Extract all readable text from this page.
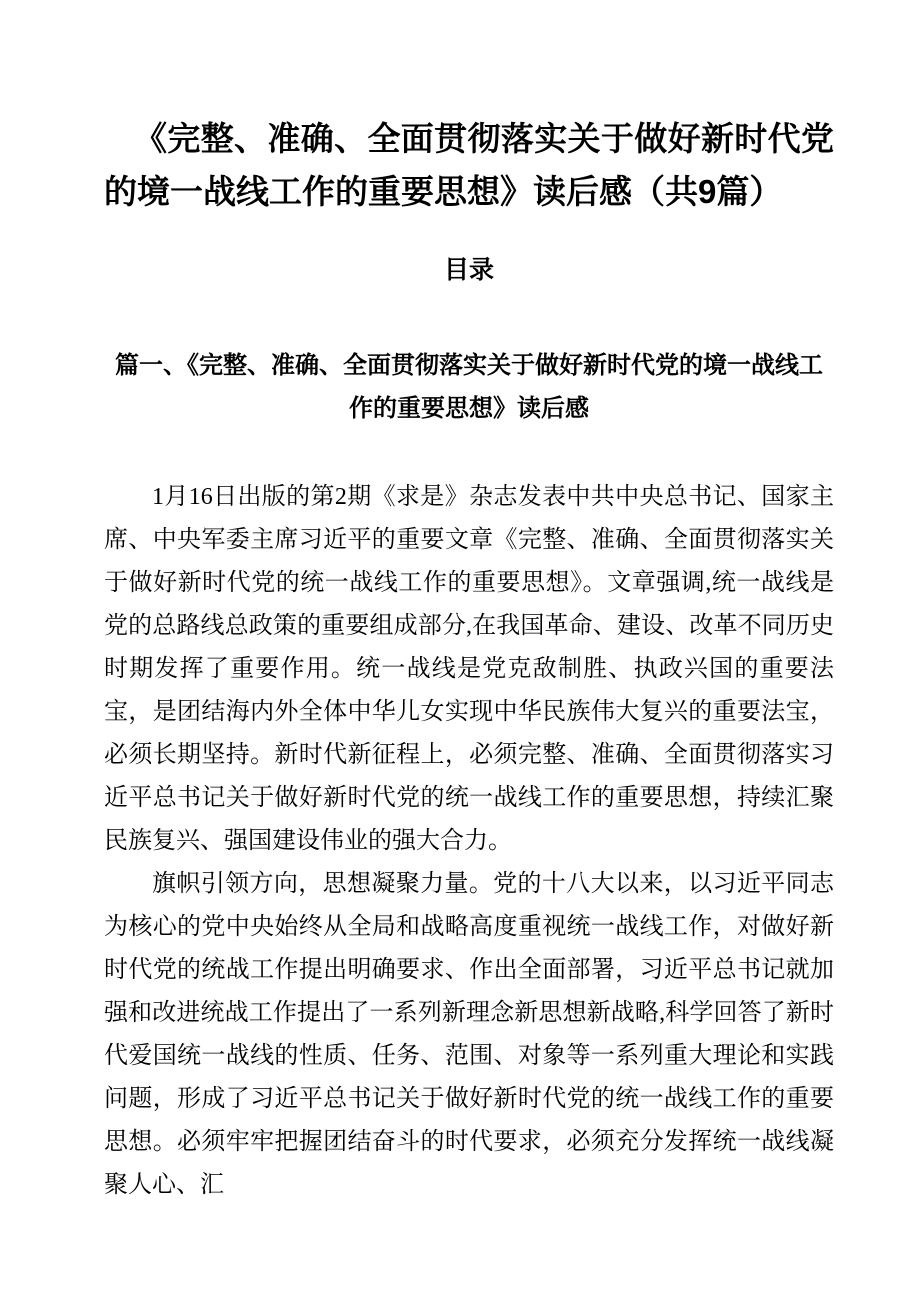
《完整、准确、全面贯彻落实关于做好新时代党的境一战线工作的重要思想》读后感（共9篇）
目录
篇一、《完整、准确、全面贯彻落实关于做好新时代党的境一战线工作的重要思想》读后感

1月16日出版的第2期《求是》杂志发表中共中央总书记、国家主席、中央军委主席习近平的重要文章《完整、准确、全面贯彻落实关于做好新时代党的统一战线工作的重要思想》。文章强调,统一战线是党的总路线总政策的重要组成部分,在我国革命、建设、改革不同历史时期发挥了重要作用。统一战线是党克敌制胜、执政兴国的重要法宝，是团结海内外全体中华儿女实现中华民族伟大复兴的重要法宝，必须长期坚持。新时代新征程上，必须完整、准确、全面贯彻落实习近平总书记关于做好新时代党的统一战线工作的重要思想，持续汇聚民族复兴、强国建设伟业的强大合力。

旗帜引领方向，思想凝聚力量。党的十八大以来，以习近平同志为核心的党中央始终从全局和战略高度重视统一战线工作，对做好新时代党的统战工作提出明确要求、作出全面部署，习近平总书记就加强和改进统战工作提出了一系列新理念新思想新战略,科学回答了新时代爱国统一战线的性质、任务、范围、对象等一系列重大理论和实践问题，形成了习近平总书记关于做好新时代党的统一战线工作的重要思想。必须牢牢把握团结奋斗的时代要求，必须充分发挥统一战线凝聚人心、汇
